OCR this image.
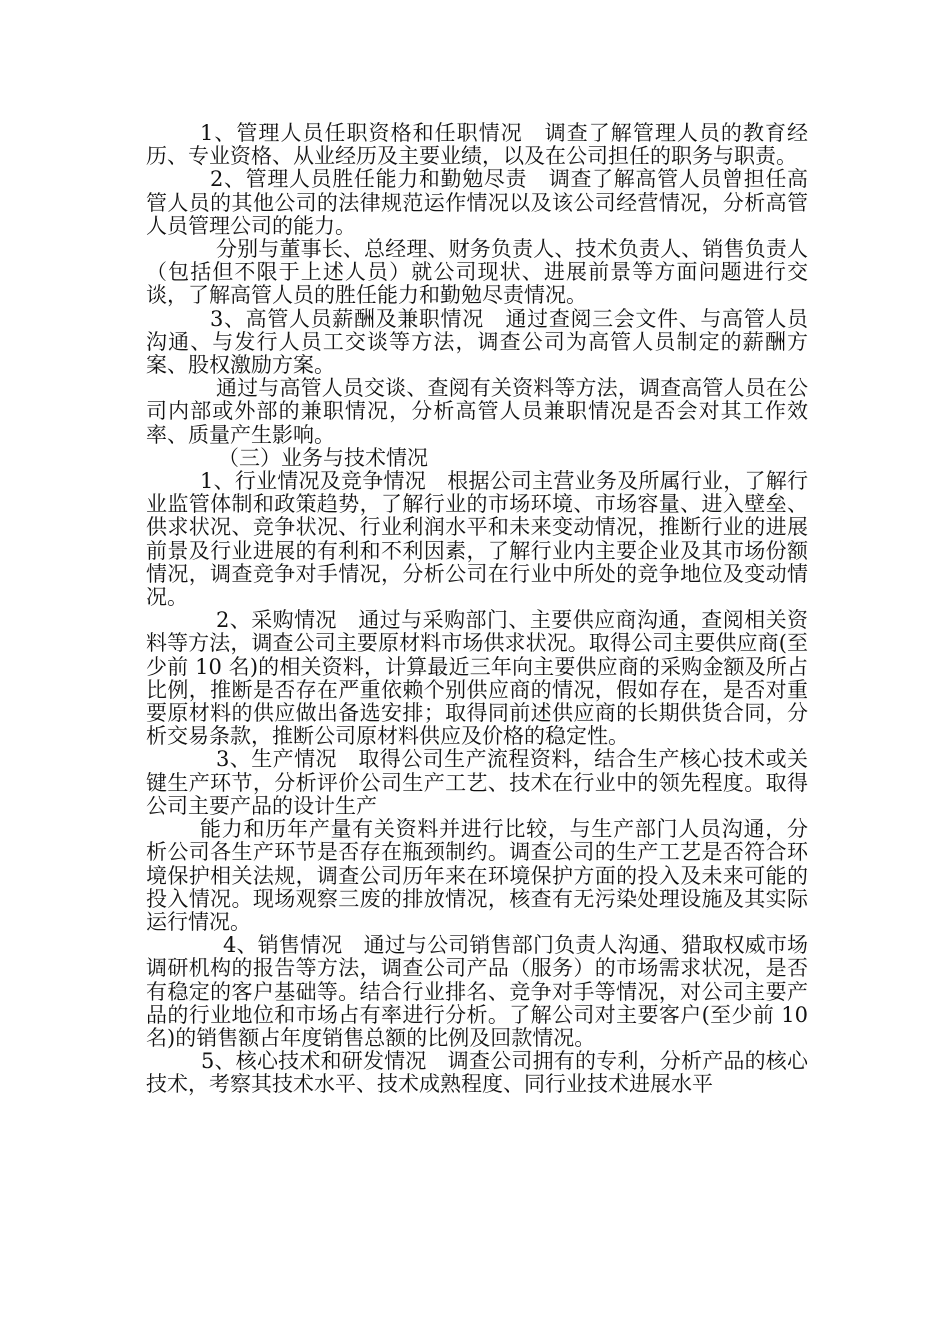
1、管理人员任职资格和任职情况　调查了解管理人员的教育经历、专业资格、从业经历及主要业绩，以及在公司担任的职务与职责。

2、管理人员胜任能力和勤勉尽责　调查了解高管人员曾担任高管人员的其他公司的法律规范运作情况以及该公司经营情况，分析高管人员管理公司的能力。

分别与董事长、总经理、财务负责人、技术负责人、销售负责人（包括但不限于上述人员）就公司现状、进展前景等方面问题进行交谈，了解高管人员的胜任能力和勤勉尽责情况。

3、高管人员薪酬及兼职情况　通过查阅三会文件、与高管人员沟通、与发行人员工交谈等方法，调查公司为高管人员制定的薪酬方案、股权激励方案。

通过与高管人员交谈、查阅有关资料等方法，调查高管人员在公司内部或外部的兼职情况，分析高管人员兼职情况是否会对其工作效率、质量产生影响。

（三）业务与技术情况

1、行业情况及竞争情况　根据公司主营业务及所属行业，了解行业监管体制和政策趋势，了解行业的市场环境、市场容量、进入壁垒、供求状况、竞争状况、行业利润水平和未来变动情况，推断行业的进展前景及行业进展的有利和不利因素，了解行业内主要企业及其市场份额情况，调查竞争对手情况，分析公司在行业中所处的竞争地位及变动情况。

2、采购情况　通过与采购部门、主要供应商沟通，查阅相关资料等方法，调查公司主要原材料市场供求状况。取得公司主要供应商(至少前 10 名)的相关资料，计算最近三年向主要供应商的采购金额及所占比例，推断是否存在严重依赖个别供应商的情况，假如存在，是否对重要原材料的供应做出备选安排；取得同前述供应商的长期供货合同，分析交易条款，推断公司原材料供应及价格的稳定性。

3、生产情况　取得公司生产流程资料，结合生产核心技术或关键生产环节，分析评价公司生产工艺、技术在行业中的领先程度。取得公司主要产品的设计生产

能力和历年产量有关资料并进行比较，与生产部门人员沟通，分析公司各生产环节是否存在瓶颈制约。调查公司的生产工艺是否符合环境保护相关法规，调查公司历年来在环境保护方面的投入及未来可能的投入情况。现场观察三废的排放情况，核查有无污染处理设施及其实际运行情况。

4、销售情况　通过与公司销售部门负责人沟通、猎取权威市场调研机构的报告等方法，调查公司产品（服务）的市场需求状况，是否有稳定的客户基础等。结合行业排名、竞争对手等情况，对公司主要产品的行业地位和市场占有率进行分析。了解公司对主要客户(至少前 10 名)的销售额占年度销售总额的比例及回款情况。

5、核心技术和研发情况　调查公司拥有的专利，分析产品的核心技术，考察其技术水平、技术成熟程度、同行业技术进展水平
